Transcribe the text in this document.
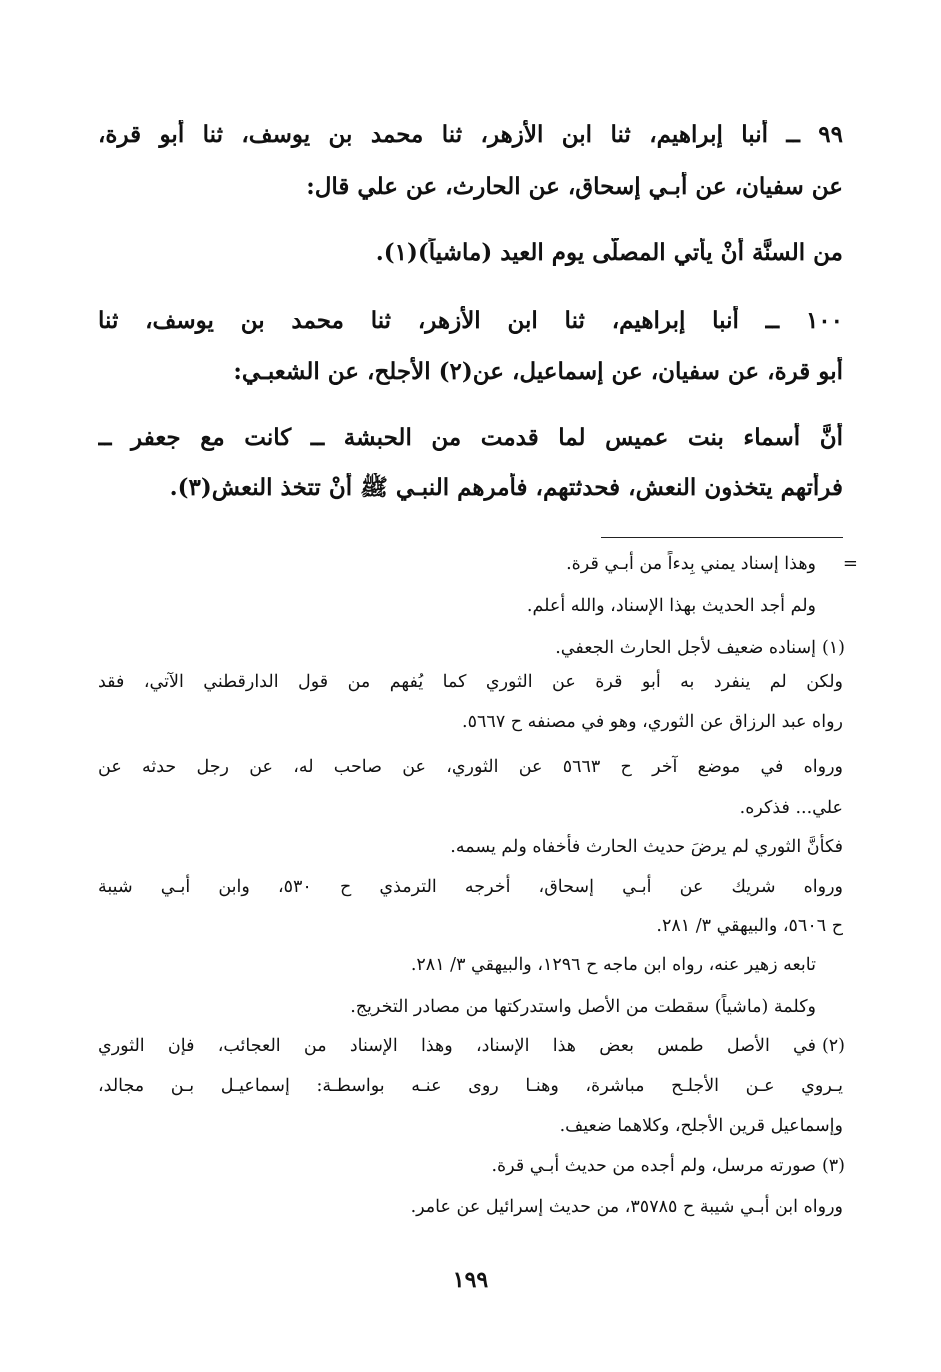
٩٩ ــ أنبا إبراهيم، ثنا ابن الأزهر، ثنا محمد بن يوسف، ثنا أبو قرة،
عن سفيان، عن أبـي إسحاق، عن الحارث، عن علي قال:
من السنَّة أنْ يأتي المصلَّى يوم العيد (ماشياً)(١).
١٠٠ ــ أنبا إبراهيم، ثنا ابن الأزهر، ثنا محمد بن يوسف، ثنا
أبو قرة، عن سفيان، عن إسماعيل، عن(٢) الأجلح، عن الشعبـي:
أنَّ أسماء بنت عميس لما قدمت من الحبشة ــ كانت مع جعفر ــ
فرأتهم يتخذون النعش، فحدثتهم، فأمرهم النبـي ﷺ أنْ تتخذ النعش(٣).
=
وهذا إسناد يمني بِدءاً من أبـي قرة.
ولم أجد الحديث بهذا الإسناد، والله أعلم.
(١)
إسناده ضعيف لأجل الحارث الجعفي.
ولكن لم ينفرد به أبو قرة عن الثوري كما يُفهم من قول الدارقطني الآتي، فقد
رواه عبد الرزاق عن الثوري، وهو في مصنفه ح ٥٦٦٧.
ورواه في موضع آخر ح ٥٦٦٣ عن الثوري، عن صاحب له، عن رجل حدثه عن
علي... فذكره.
فكأنَّ الثوري لم يرضَ حديث الحارث فأخفاه ولم يسمه.
ورواه شريك عن أبـي إسحاق، أخرجه الترمذي ح ٥٣٠، وابن أبـي شيبة
ح ٥٦٠٦، والبيهقي ٣/ ٢٨١.
تابعه زهير عنه، رواه ابن ماجه ح ١٢٩٦، والبيهقي ٣/ ٢٨١.
وكلمة (ماشياً) سقطت من الأصل واستدركتها من مصادر التخريج.
(٢)
في الأصل طمس بعض هذا الإسناد، وهذا الإسناد من العجائب، فإن الثوري
يـروي عـن الأجلـح مباشرة، وهنـا روى عنـه بواسطـة: إسماعيـل بـن مجالد،
وإسماعيل قرين الأجلح، وكلاهما ضعيف.
(٣)
صورته مرسل، ولم أجده من حديث أبـي قرة.
ورواه ابن أبـي شيبة ح ٣٥٧٨٥، من حديث إسرائيل عن عامر.
١٩٩
